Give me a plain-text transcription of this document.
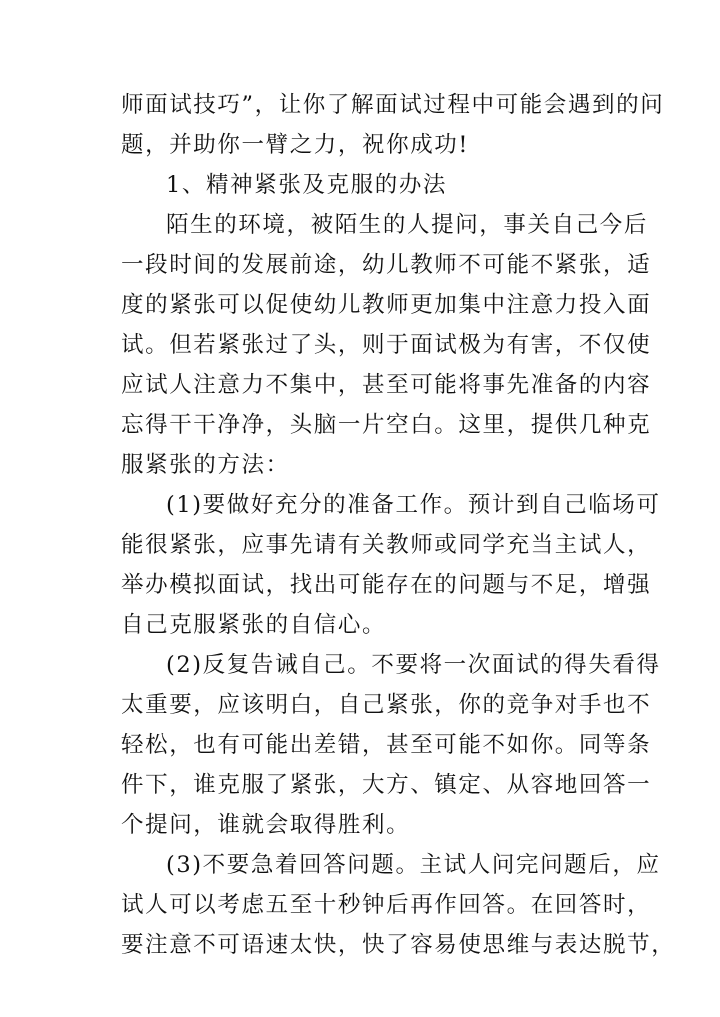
师面试技巧”，让你了解面试过程中可能会遇到的问
题，并助你一臂之力，祝你成功!
1、精神紧张及克服的办法
陌生的环境，被陌生的人提问，事关自己今后
一段时间的发展前途，幼儿教师不可能不紧张，适
度的紧张可以促使幼儿教师更加集中注意力投入面
试。但若紧张过了头，则于面试极为有害，不仅使
应试人注意力不集中，甚至可能将事先准备的内容
忘得干干净净，头脑一片空白。这里，提供几种克
服紧张的方法：
(1)要做好充分的准备工作。预计到自己临场可
能很紧张，应事先请有关教师或同学充当主试人，
举办模拟面试，找出可能存在的问题与不足，增强
自己克服紧张的自信心。
(2)反复告诫自己。不要将一次面试的得失看得
太重要，应该明白，自己紧张，你的竞争对手也不
轻松，也有可能出差错，甚至可能不如你。同等条
件下，谁克服了紧张，大方、镇定、从容地回答一
个提问，谁就会取得胜利。
(3)不要急着回答问题。主试人问完问题后，应
试人可以考虑五至十秒钟后再作回答。在回答时，
要注意不可语速太快，快了容易使思维与表达脱节，
